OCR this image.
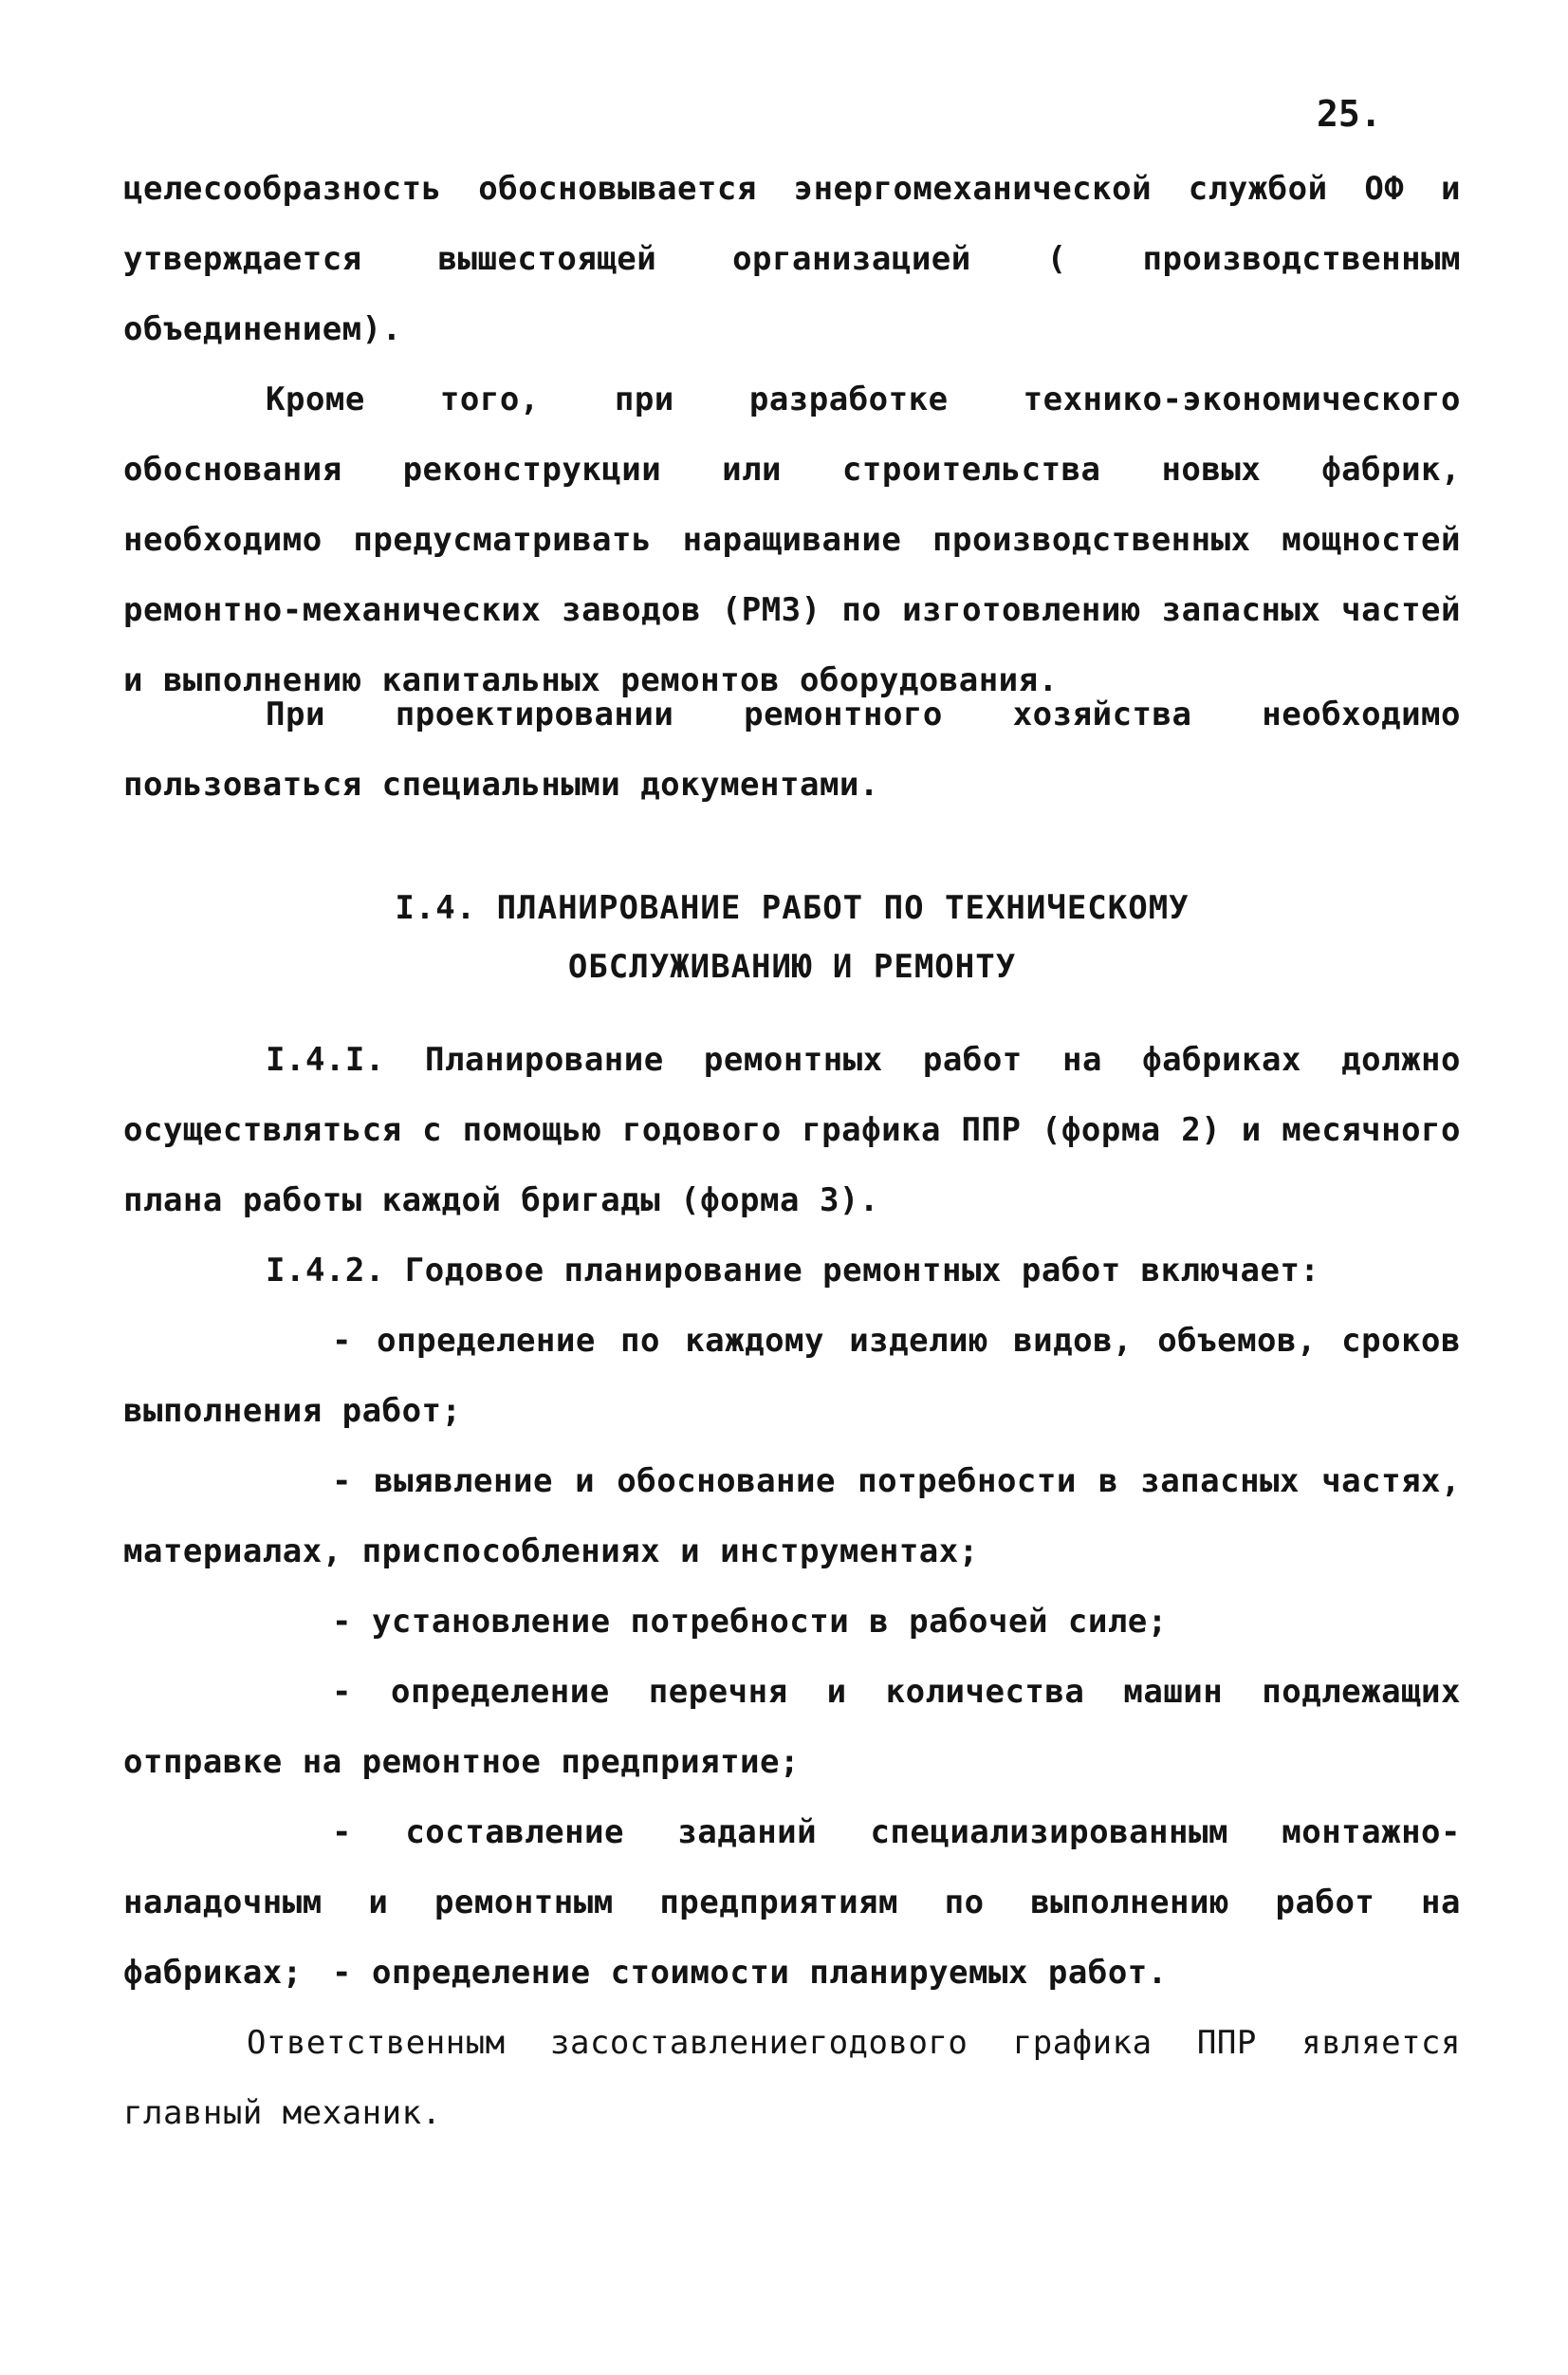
25.

целесообразность обосновывается энергомеханической службой ОФ и утверждается вышестоящей организацией ( производственным объединением).

Кроме того, при разработке технико-экономического обоснования реконструкции или строительства новых фабрик, необходимо предусматривать наращивание производственных мощностей ремонтно-механических заводов (РМЗ) по изготовлению запасных частей и выполнению капитальных ремонтов оборудования.

При проектировании ремонтного хозяйства необходимо пользоваться специальными документами.

I.4. ПЛАНИРОВАНИЕ РАБОТ ПО ТЕХНИЧЕСКОМУ
ОБСЛУЖИВАНИЮ И РЕМОНТУ

I.4.I. Планирование ремонтных работ на фабриках должно осуществляться с помощью годового графика ППР (форма 2) и месячного плана работы каждой бригады (форма 3).

I.4.2. Годовое планирование ремонтных работ включает:

- определение по каждому изделию видов, объемов, сроков выполнения работ;

- выявление и обоснование потребности в запасных частях, материалах, приспособлениях и инструментах;

- установление потребности в рабочей силе;

- определение перечня и количества машин подлежащих отправке на ремонтное предприятие;

- составление заданий специализированным монтажно-наладочным и ремонтным предприятиям по выполнению работ на фабриках; - определение стоимости планируемых работ.

Ответственным засоставлениегодового графика ППР является главный механик.
